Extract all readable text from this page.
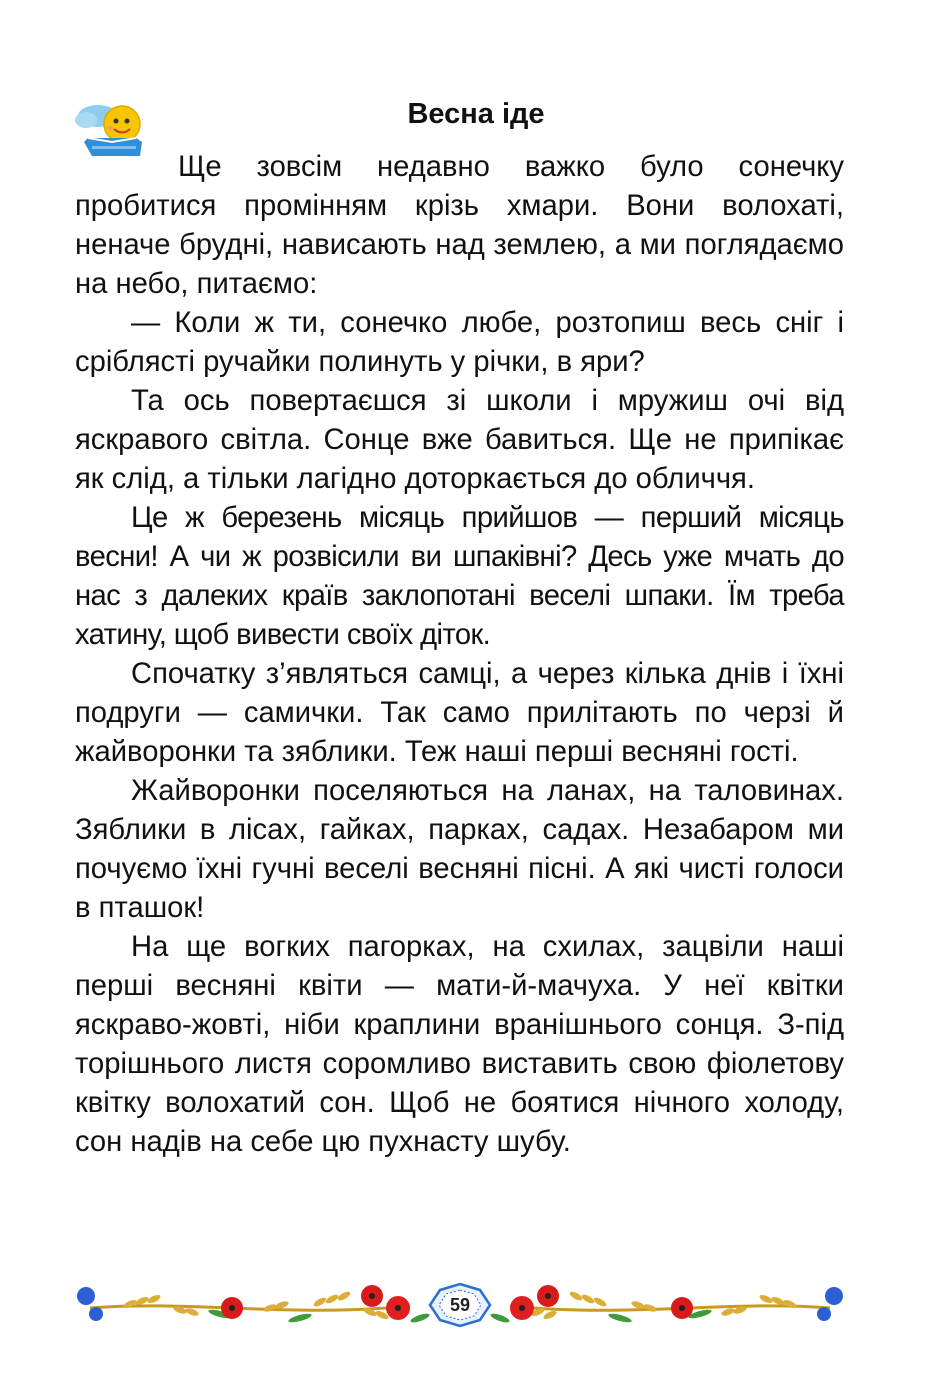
Весна іде

Ще зовсім недавно важко було сонечку пробитися промінням крізь хмари. Вони волохаті, неначе брудні, нависають над землею, а ми поглядаємо на небо, питаємо:

— Коли ж ти, сонечко любе, розтопиш весь сніг і сріблясті ручайки полинуть у річки, в яри?

Та ось повертаєшся зі школи і мружиш очі від яскравого світла. Сонце вже бавиться. Ще не припікає як слід, а тільки лагідно доторкається до обличчя.

Це ж березень місяць прийшов — перший місяць весни! А чи ж розвісили ви шпаківні? Десь уже мчать до нас з далеких країв заклопотані веселі шпаки. Їм треба хатину, щоб вивести своїх діток.

Спочатку з’являться самці, а через кілька днів і їхні подруги — самички. Так само прилітають по черзі й жайворонки та зяблики. Теж наші перші весняні гості.

Жайворонки поселяються на ланах, на таловинах. Зяблики в лісах, гайках, парках, садах. Незабаром ми почуємо їхні гучні веселі весняні пісні. А які чисті голоси в пташок!

На ще вогких пагорках, на схилах, зацвіли наші перші весняні квіти — мати-й-мачуха. У неї квітки яскраво-жовті, ніби краплини вранішнього сонця. З-під торішнього листя соромливо виставить свою фіолетову квітку волохатий сон. Щоб не боятися нічного холоду, сон надів на себе цю пухнасту шубу.

59
